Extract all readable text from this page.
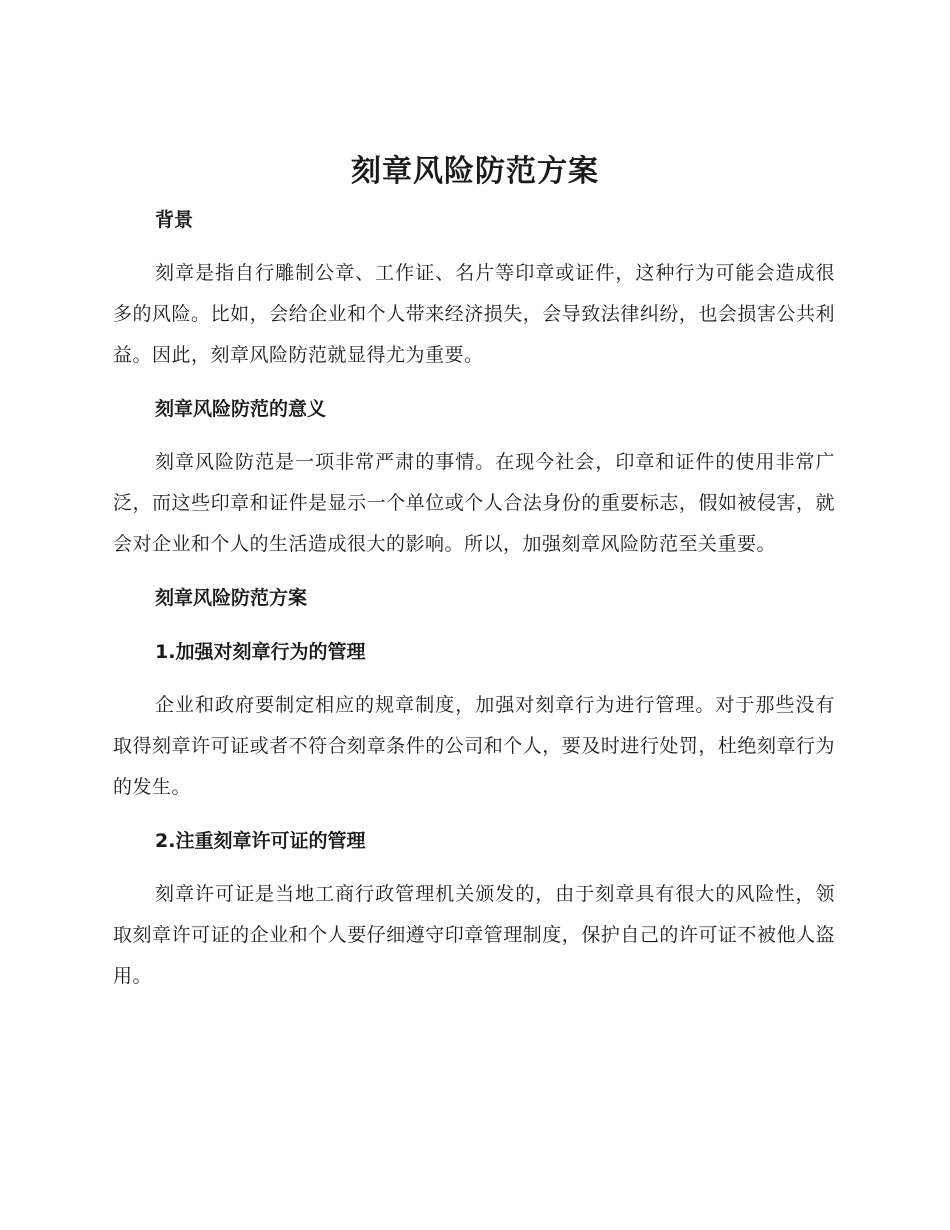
刻章风险防范方案
背景
刻章是指自行雕制公章、工作证、名片等印章或证件，这种行为可能会造成很多的风险。比如，会给企业和个人带来经济损失，会导致法律纠纷，也会损害公共利益。因此，刻章风险防范就显得尤为重要。
刻章风险防范的意义
刻章风险防范是一项非常严肃的事情。在现今社会，印章和证件的使用非常广泛，而这些印章和证件是显示一个单位或个人合法身份的重要标志，假如被侵害，就会对企业和个人的生活造成很大的影响。所以，加强刻章风险防范至关重要。
刻章风险防范方案
1.加强对刻章行为的管理
企业和政府要制定相应的规章制度，加强对刻章行为进行管理。对于那些没有取得刻章许可证或者不符合刻章条件的公司和个人，要及时进行处罚，杜绝刻章行为的发生。
2.注重刻章许可证的管理
刻章许可证是当地工商行政管理机关颁发的，由于刻章具有很大的风险性，领取刻章许可证的企业和个人要仔细遵守印章管理制度，保护自己的许可证不被他人盗用。
